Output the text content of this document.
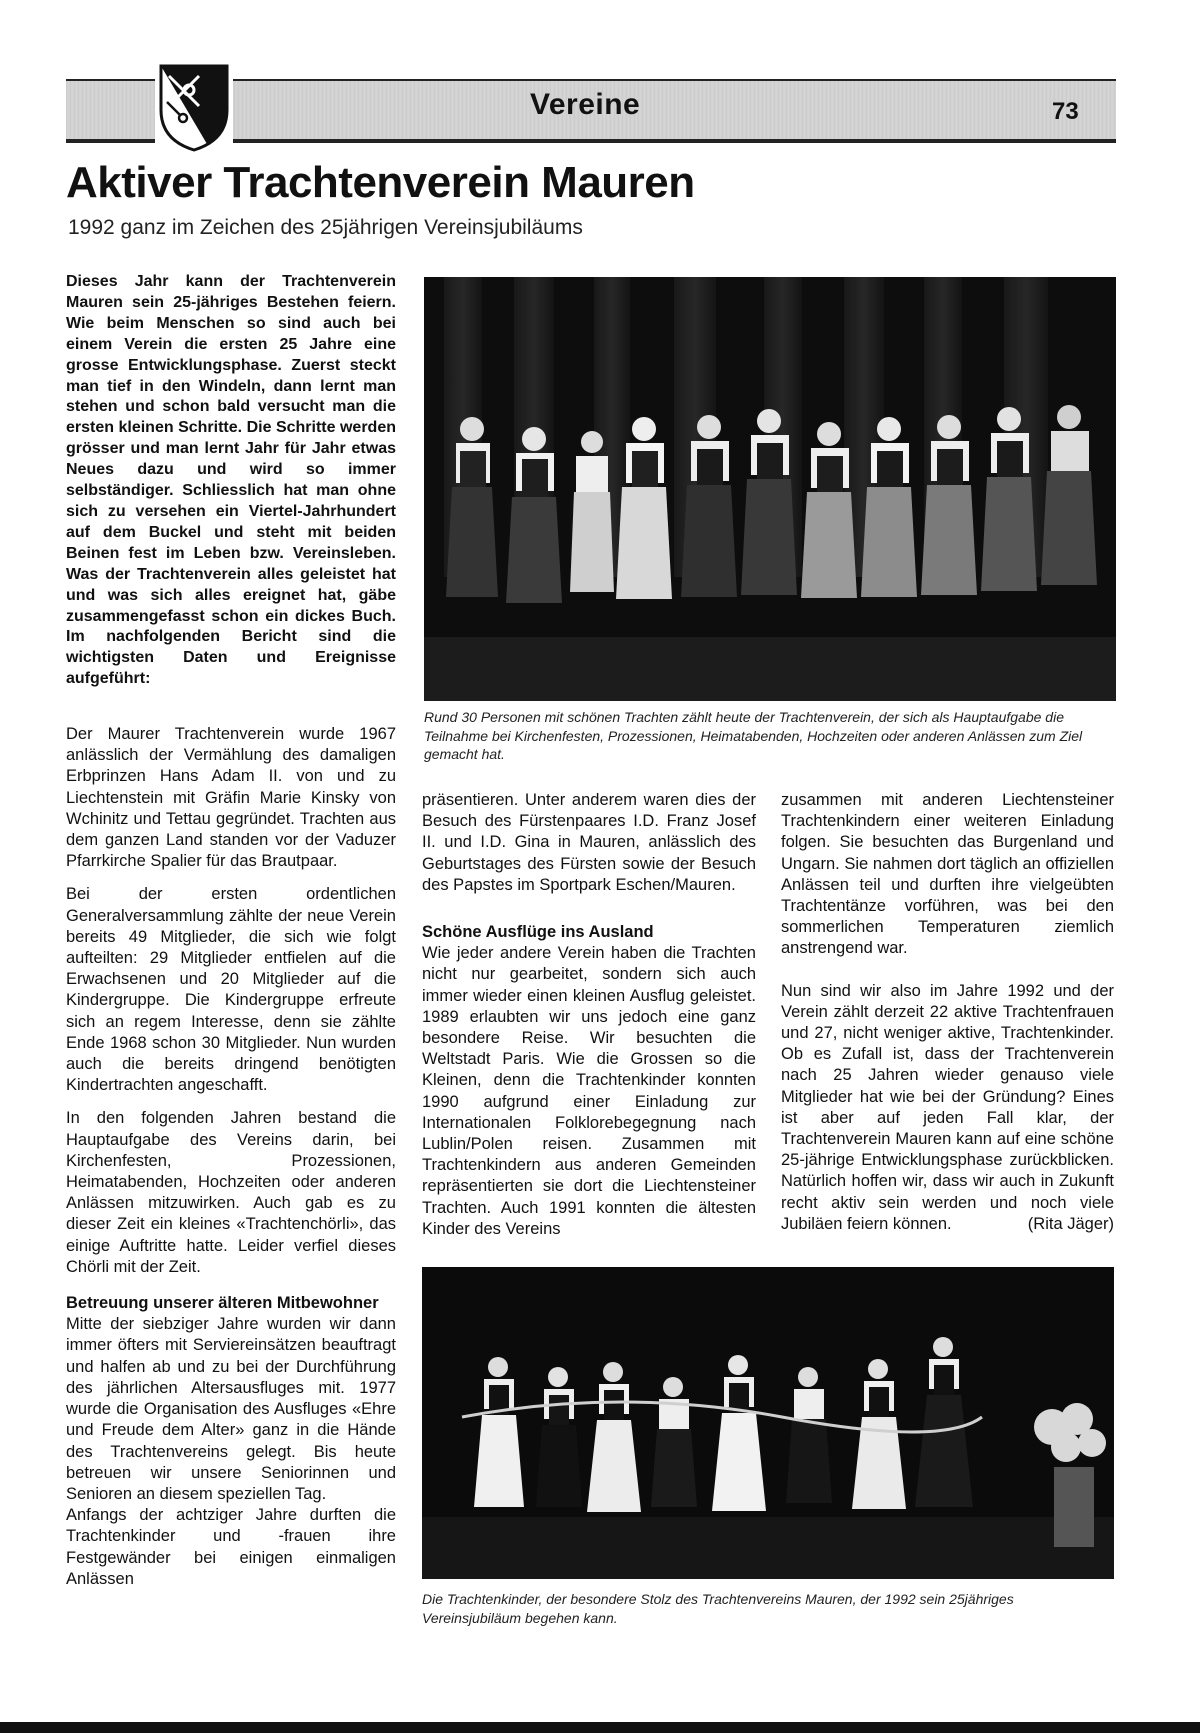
Vereine	73
Aktiver Trachtenverein Mauren
1992 ganz im Zeichen des 25jährigen Vereinsjubiläums
Dieses Jahr kann der Trachtenverein Mauren sein 25-jähriges Bestehen feiern. Wie beim Menschen so sind auch bei einem Verein die ersten 25 Jahre eine grosse Entwicklungsphase. Zuerst steckt man tief in den Windeln, dann lernt man stehen und schon bald versucht man die ersten kleinen Schritte. Die Schritte werden grösser und man lernt Jahr für Jahr etwas Neues dazu und wird so immer selbständiger. Schliesslich hat man ohne sich zu versehen ein Viertel-Jahrhundert auf dem Buckel und steht mit beiden Beinen fest im Leben bzw. Vereinsleben. Was der Trachtenverein alles geleistet hat und was sich alles ereignet hat, gäbe zusammengefasst schon ein dickes Buch. Im nachfolgenden Bericht sind die wichtigsten Daten und Ereignisse aufgeführt:

Der Maurer Trachtenverein wurde 1967 anlässlich der Vermählung des damaligen Erbprinzen Hans Adam II. von und zu Liechtenstein mit Gräfin Marie Kinsky von Wchinitz und Tettau gegründet. Trachten aus dem ganzen Land standen vor der Vaduzer Pfarrkirche Spalier für das Brautpaar.

Bei der ersten ordentlichen Generalversammlung zählte der neue Verein bereits 49 Mitglieder, die sich wie folgt aufteilten: 29 Mitglieder entfielen auf die Erwachsenen und 20 Mitglieder auf die Kindergruppe. Die Kindergruppe erfreute sich an regem Interesse, denn sie zählte Ende 1968 schon 30 Mitglieder. Nun wurden auch die bereits dringend benötigten Kindertrachten angeschafft.

In den folgenden Jahren bestand die Hauptaufgabe des Vereins darin, bei Kirchenfesten, Prozessionen, Heimatabenden, Hochzeiten oder anderen Anlässen mitzuwirken. Auch gab es zu dieser Zeit ein kleines «Trachtenchörli», das einige Auftritte hatte. Leider verfiel dieses Chörli mit der Zeit.

Betreuung unserer älteren Mitbewohner

Mitte der siebziger Jahre wurden wir dann immer öfters mit Serviereinsätzen beauftragt und halfen ab und zu bei der Durchführung des jährlichen Altersausfluges mit. 1977 wurde die Organisation des Ausfluges «Ehre und Freude dem Alter» ganz in die Hände des Trachtenvereins gelegt. Bis heute betreuen wir unsere Seniorinnen und Senioren an diesem speziellen Tag.

Anfangs der achtziger Jahre durften die Trachtenkinder und -frauen ihre Festgewänder bei einigen einmaligen Anlässen

Rund 30 Personen mit schönen Trachten zählt heute der Trachtenverein, der sich als Hauptaufgabe die Teilnahme bei Kirchenfesten, Prozessionen, Heimatabenden, Hochzeiten oder anderen Anlässen zum Ziel gemacht hat.

präsentieren. Unter anderem waren dies der Besuch des Fürstenpaares I.D. Franz Josef II. und I.D. Gina in Mauren, anlässlich des Geburtstages des Fürsten sowie der Besuch des Papstes im Sportpark Eschen/Mauren.

Schöne Ausflüge ins Ausland

Wie jeder andere Verein haben die Trachten nicht nur gearbeitet, sondern sich auch immer wieder einen kleinen Ausflug geleistet. 1989 erlaubten wir uns jedoch eine ganz besondere Reise. Wir besuchten die Weltstadt Paris. Wie die Grossen so die Kleinen, denn die Trachtenkinder konnten 1990 aufgrund einer Einladung zur Internationalen Folklorebegegnung nach Lublin/Polen reisen. Zusammen mit Trachtenkindern aus anderen Gemeinden repräsentierten sie dort die Liechtensteiner Trachten. Auch 1991 konnten die ältesten Kinder des Vereins

zusammen mit anderen Liechtensteiner Trachtenkindern einer weiteren Einladung folgen. Sie besuchten das Burgenland und Ungarn. Sie nahmen dort täglich an offiziellen Anlässen teil und durften ihre vielgeübten Trachtentänze vorführen, was bei den sommerlichen Temperaturen ziemlich anstrengend war.

Nun sind wir also im Jahre 1992 und der Verein zählt derzeit 22 aktive Trachtenfrauen und 27, nicht weniger aktive, Trachtenkinder. Ob es Zufall ist, dass der Trachtenverein nach 25 Jahren wieder genauso viele Mitglieder hat wie bei der Gründung? Eines ist aber auf jeden Fall klar, der Trachtenverein Mauren kann auf eine schöne 25-jährige Entwicklungsphase zurückblicken. Natürlich hoffen wir, dass wir auch in Zukunft recht aktiv sein werden und noch viele Jubiläen feiern können.	(Rita Jäger)

Die Trachtenkinder, der besondere Stolz des Trachtenvereins Mauren, der 1992 sein 25jähriges Vereinsjubiläum begehen kann.
